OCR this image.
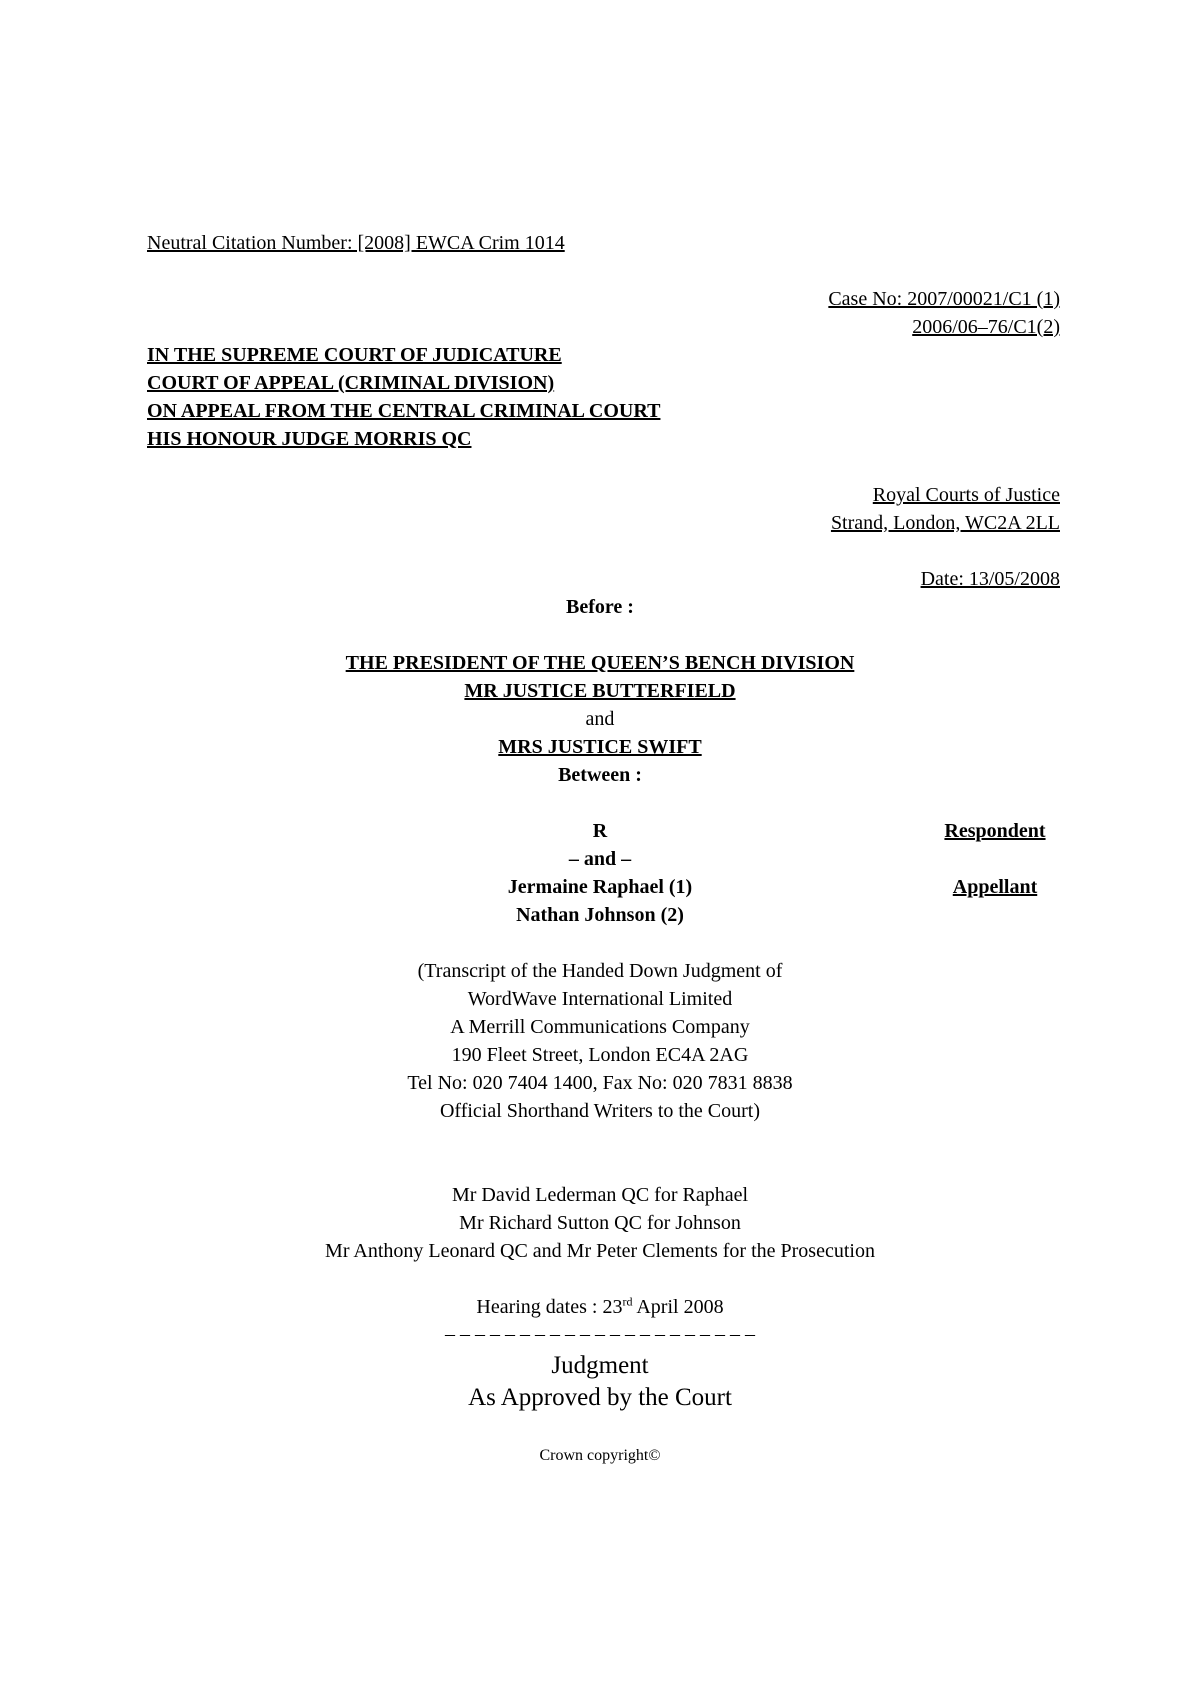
Neutral Citation Number: [2008] EWCA Crim 1014
Case No: 2007/00021/C1 (1)
2006/06–76/C1(2)
IN THE SUPREME COURT OF JUDICATURE
COURT OF APPEAL (CRIMINAL DIVISION)
ON APPEAL FROM THE CENTRAL CRIMINAL COURT
HIS HONOUR JUDGE MORRIS QC
Royal Courts of Justice
Strand, London, WC2A 2LL
Date: 13/05/2008
Before :
THE PRESIDENT OF THE QUEEN’S BENCH DIVISION
MR JUSTICE BUTTERFIELD
and
MRS JUSTICE SWIFT
Between :
R	Respondent
– and –
Jermaine Raphael (1)	Appellant
Nathan Johnson (2)
(Transcript of the Handed Down Judgment of
WordWave International Limited
A Merrill Communications Company
190 Fleet Street, London EC4A 2AG
Tel No: 020 7404 1400, Fax No: 020 7831 8838
Official Shorthand Writers to the Court)
Mr David Lederman QC for Raphael
Mr Richard Sutton QC for Johnson
Mr Anthony Leonard QC and Mr Peter Clements for the Prosecution
Hearing dates : 23rd April 2008
– – – – – – – – – – – – – – – – – – – – –
Judgment
As Approved by the Court
Crown copyright©
